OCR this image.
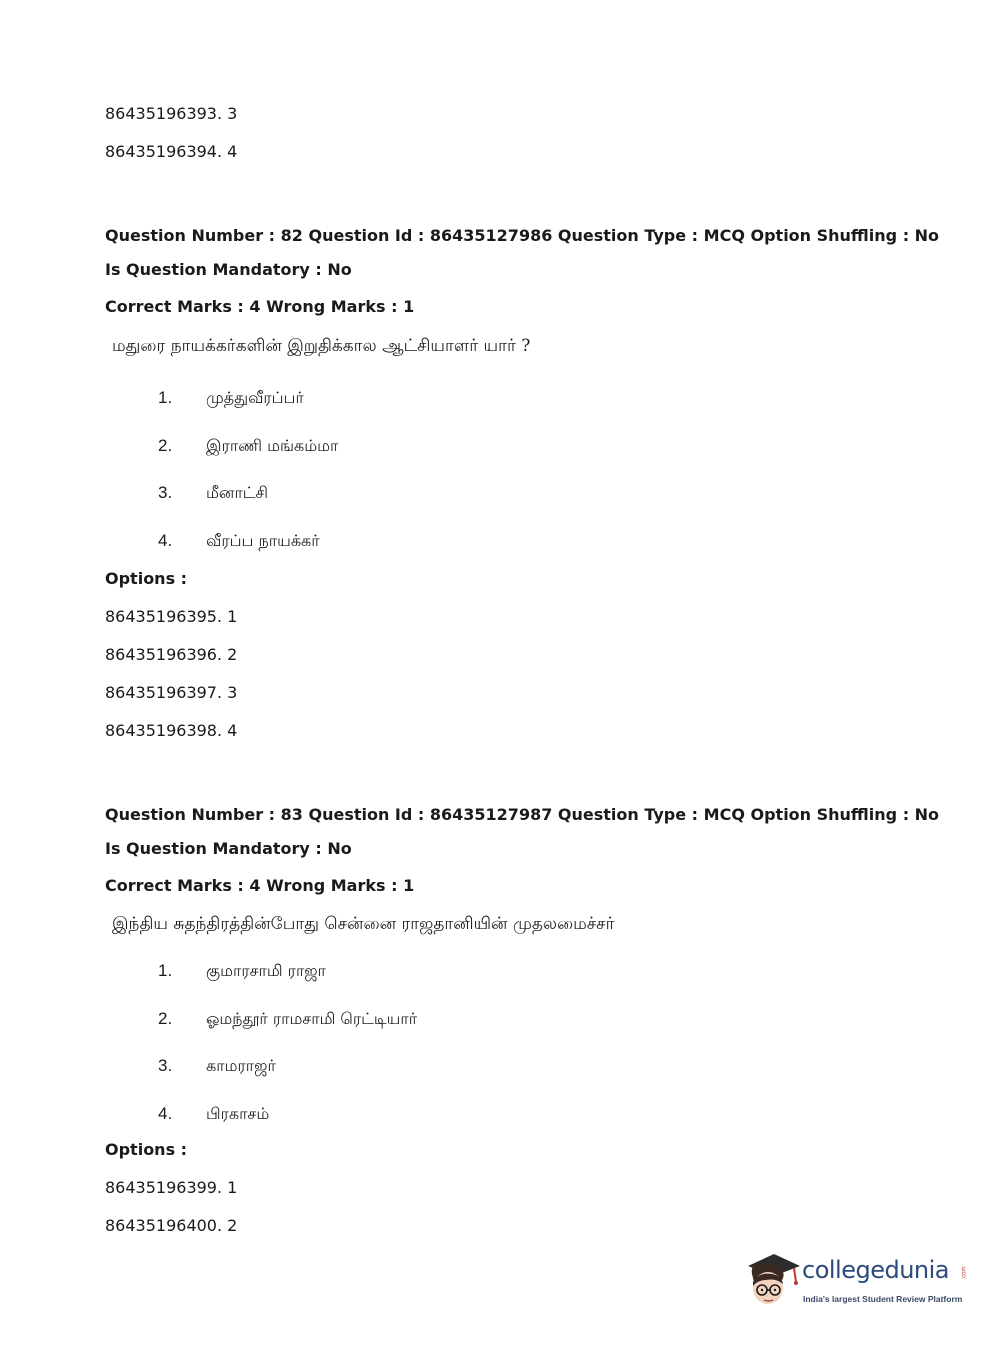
86435196393. 3
86435196394. 4
Question Number : 82 Question Id : 86435127986 Question Type : MCQ Option Shuffling : No
Is Question Mandatory : No
Correct Marks : 4 Wrong Marks : 1
மதுரை நாயக்கர்களின் இறுதிக்கால ஆட்சியாளர் யார் ?
1. முத்துவீரப்பர்
2. இராணி மங்கம்மா
3. மீனாட்சி
4. வீரப்ப நாயக்கர்
Options :
86435196395. 1
86435196396. 2
86435196397. 3
86435196398. 4
Question Number : 83 Question Id : 86435127987 Question Type : MCQ Option Shuffling : No
Is Question Mandatory : No
Correct Marks : 4 Wrong Marks : 1
இந்திய சுதந்திரத்தின்போது சென்னை ராஜதானியின் முதலமைச்சர்
1. குமாரசாமி ராஜா
2. ஓமந்தூர் ராமசாமி ரெட்டியார்
3. காமராஜர்
4. பிரகாசம்
Options :
86435196399. 1
86435196400. 2
collegedunia .com
India's largest Student Review Platform
